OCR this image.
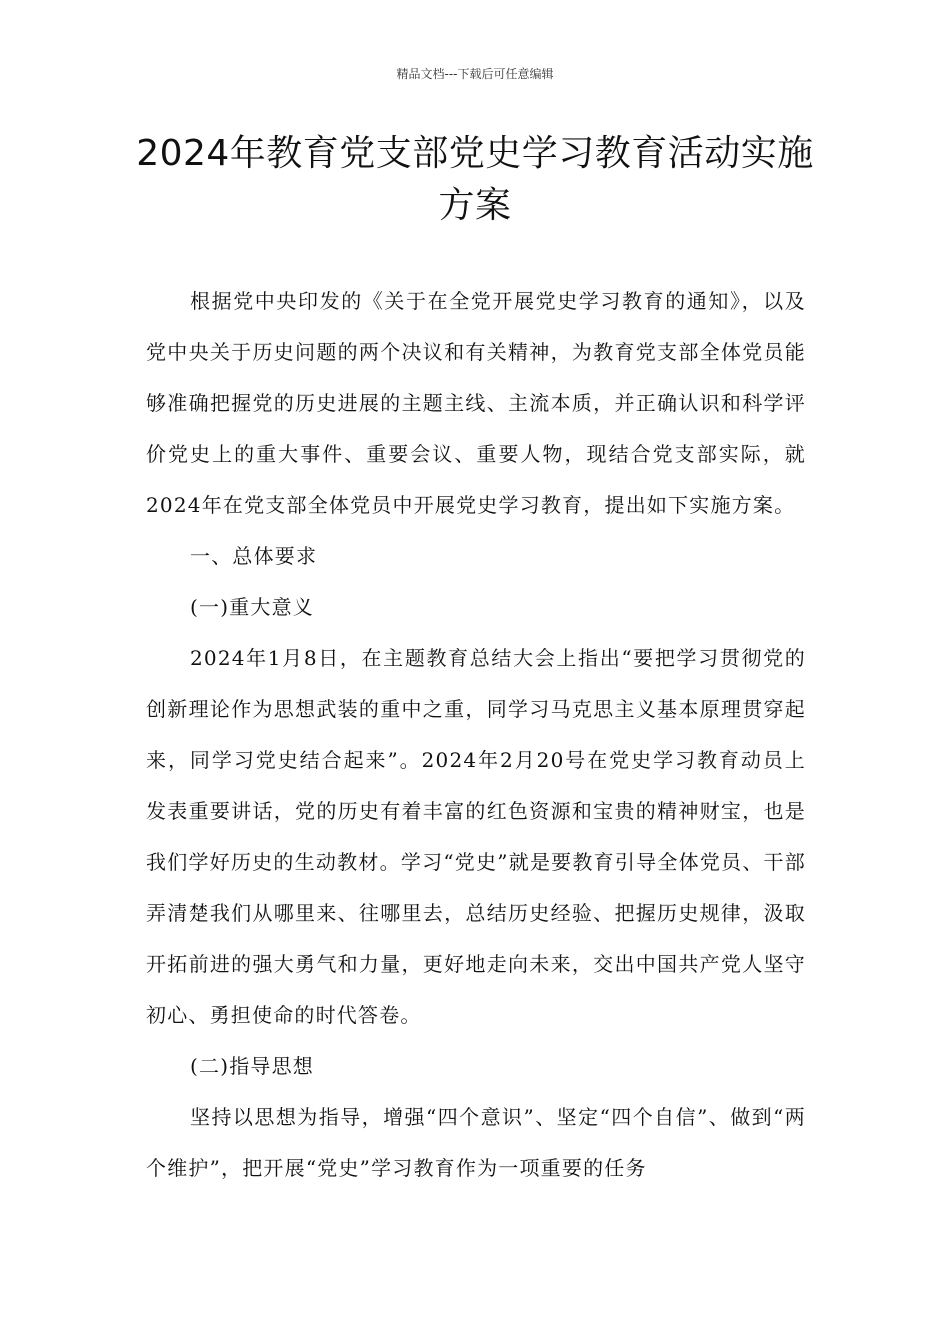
精品文档---下载后可任意编辑
2024年教育党支部党史学习教育活动实施方案

根据党中央印发的《关于在全党开展党史学习教育的通知》，以及党中央关于历史问题的两个决议和有关精神，为教育党支部全体党员能够准确把握党的历史进展的主题主线、主流本质，并正确认识和科学评价党史上的重大事件、重要会议、重要人物，现结合党支部实际，就2024年在党支部全体党员中开展党史学习教育，提出如下实施方案。

一、总体要求

(一)重大意义

2024年1月8日，在主题教育总结大会上指出“要把学习贯彻党的创新理论作为思想武装的重中之重，同学习马克思主义基本原理贯穿起来，同学习党史结合起来”。2024年2月20号在党史学习教育动员上发表重要讲话，党的历史有着丰富的红色资源和宝贵的精神财宝，也是我们学好历史的生动教材。学习“党史”就是要教育引导全体党员、干部弄清楚我们从哪里来、往哪里去，总结历史经验、把握历史规律，汲取开拓前进的强大勇气和力量，更好地走向未来，交出中国共产党人坚守初心、勇担使命的时代答卷。

(二)指导思想

坚持以思想为指导，增强“四个意识”、坚定“四个自信”、做到“两个维护”，把开展“党史”学习教育作为一项重要的任务
